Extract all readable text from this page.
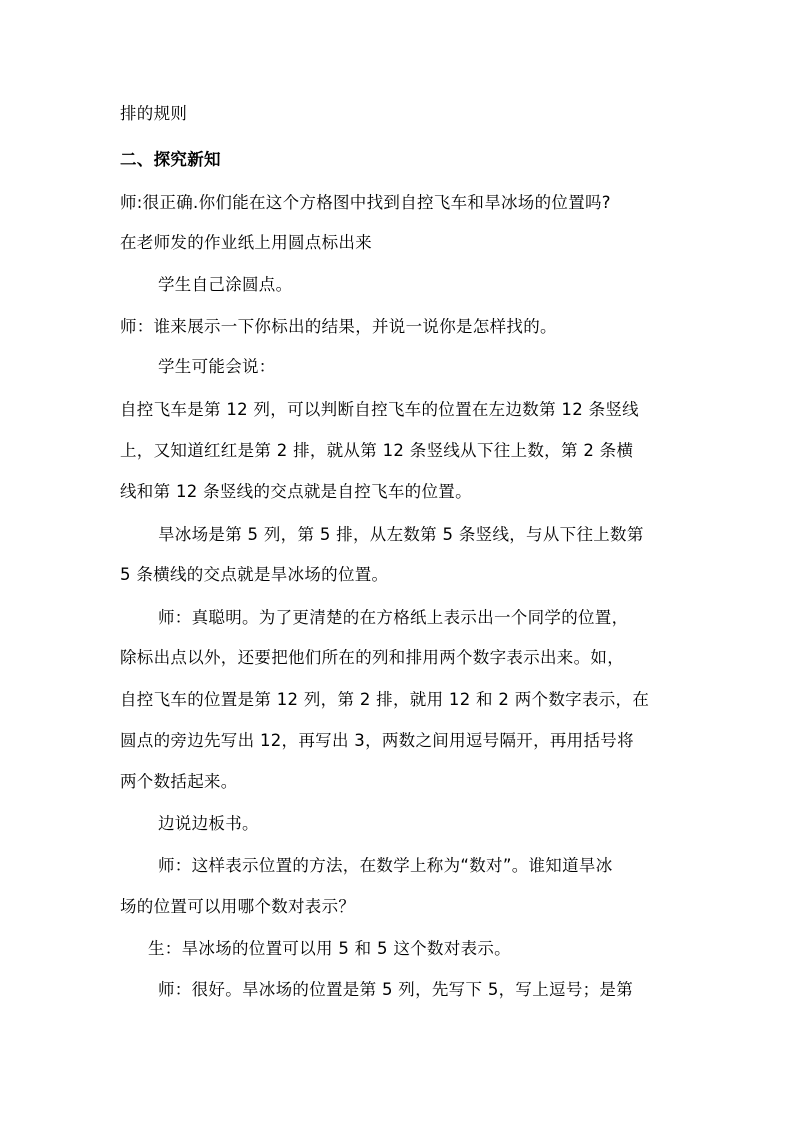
排的规则
二、探究新知
师:很正确.你们能在这个方格图中找到自控飞车和旱冰场的位置吗?
在老师发的作业纸上用圆点标出来
学生自己涂圆点。
师：谁来展示一下你标出的结果，并说一说你是怎样找的。
学生可能会说：
自控飞车是第 12 列，可以判断自控飞车的位置在左边数第 12 条竖线
上，又知道红红是第 2 排，就从第 12 条竖线从下往上数，第 2 条横
线和第 12 条竖线的交点就是自控飞车的位置。
旱冰场是第 5 列，第 5 排，从左数第 5 条竖线，与从下往上数第
5 条横线的交点就是旱冰场的位置。
师：真聪明。为了更清楚的在方格纸上表示出一个同学的位置，
除标出点以外，还要把他们所在的列和排用两个数字表示出来。如，
自控飞车的位置是第 12 列，第 2 排，就用 12 和 2 两个数字表示，在
圆点的旁边先写出 12，再写出 3，两数之间用逗号隔开，再用括号将
两个数括起来。
边说边板书。
师：这样表示位置的方法，在数学上称为“数对”。谁知道旱冰
场的位置可以用哪个数对表示？
生：旱冰场的位置可以用 5 和 5 这个数对表示。
师：很好。旱冰场的位置是第 5 列，先写下 5，写上逗号；是第
